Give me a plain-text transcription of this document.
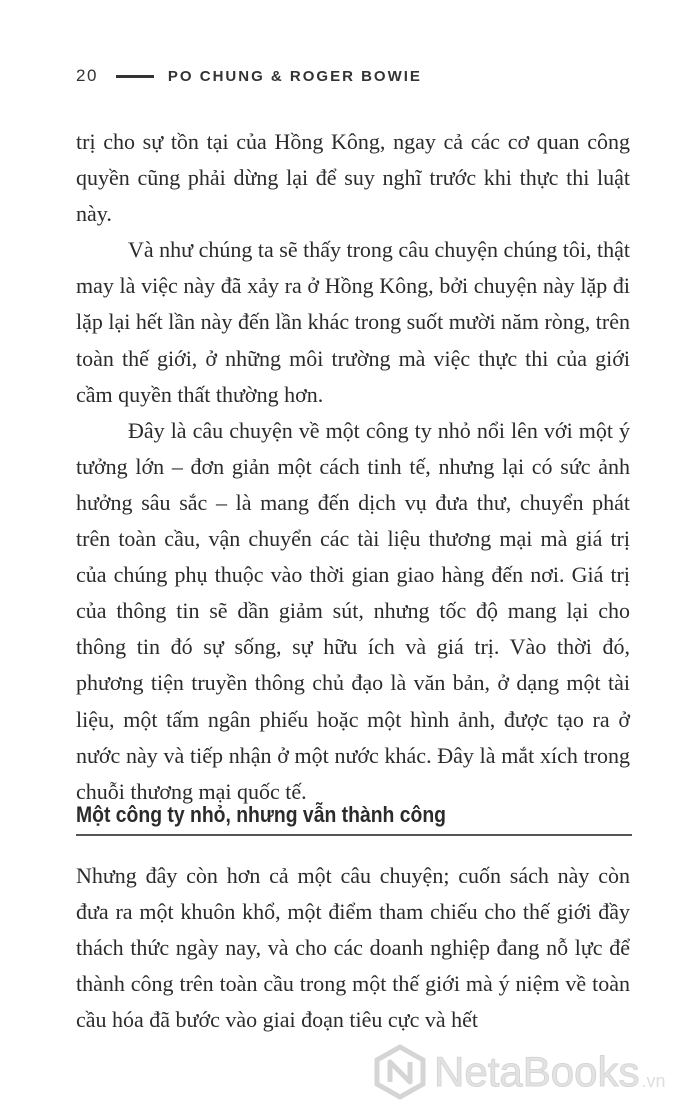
20	PO CHUNG & ROGER BOWIE

trị cho sự tồn tại của Hồng Kông, ngay cả các cơ quan công quyền cũng phải dừng lại để suy nghĩ trước khi thực thi luật này.

Và như chúng ta sẽ thấy trong câu chuyện chúng tôi, thật may là việc này đã xảy ra ở Hồng Kông, bởi chuyện này lặp đi lặp lại hết lần này đến lần khác trong suốt mười năm ròng, trên toàn thế giới, ở những môi trường mà việc thực thi của giới cầm quyền thất thường hơn.

Đây là câu chuyện về một công ty nhỏ nổi lên với một ý tưởng lớn – đơn giản một cách tinh tế, nhưng lại có sức ảnh hưởng sâu sắc – là mang đến dịch vụ đưa thư, chuyển phát trên toàn cầu, vận chuyển các tài liệu thương mại mà giá trị của chúng phụ thuộc vào thời gian giao hàng đến nơi. Giá trị của thông tin sẽ dần giảm sút, nhưng tốc độ mang lại cho thông tin đó sự sống, sự hữu ích và giá trị. Vào thời đó, phương tiện truyền thông chủ đạo là văn bản, ở dạng một tài liệu, một tấm ngân phiếu hoặc một hình ảnh, được tạo ra ở nước này và tiếp nhận ở một nước khác. Đây là mắt xích trong chuỗi thương mại quốc tế.

Một công ty nhỏ, nhưng vẫn thành công

Nhưng đây còn hơn cả một câu chuyện; cuốn sách này còn đưa ra một khuôn khổ, một điểm tham chiếu cho thế giới đầy thách thức ngày nay, và cho các doanh nghiệp đang nỗ lực để thành công trên toàn cầu trong một thế giới mà ý niệm về toàn cầu hóa đã bước vào giai đoạn tiêu cực và hết

NetaBooks .vn
